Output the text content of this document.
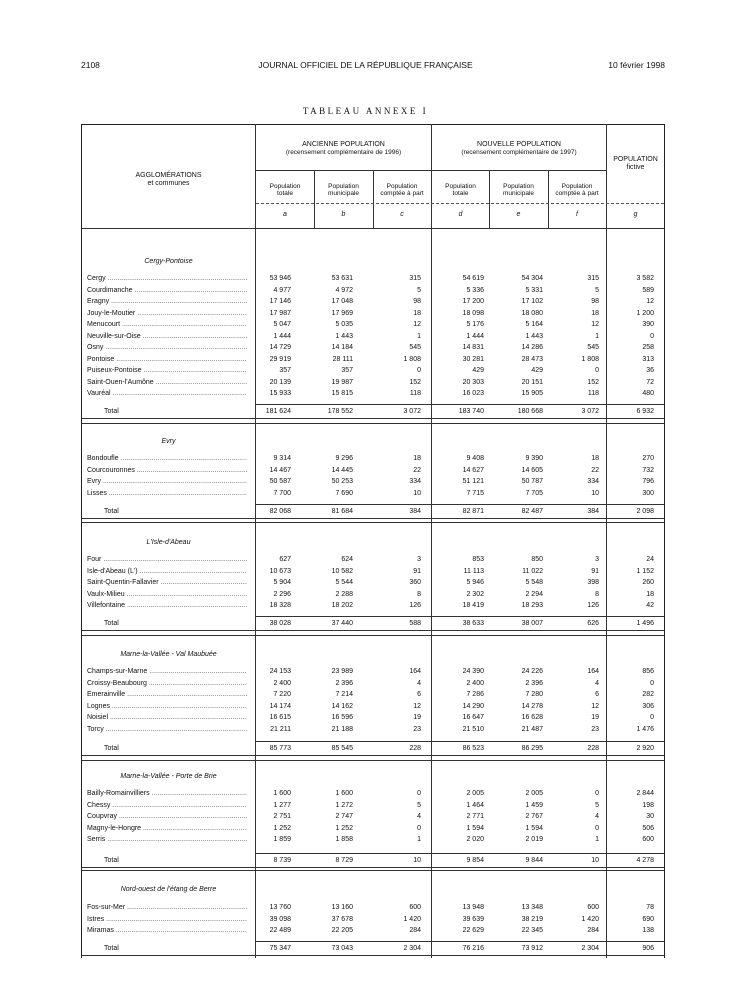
2108	JOURNAL OFFICIEL DE LA RÉPUBLIQUE FRANÇAISE	10 février 1998
TABLEAU ANNEXE I
AGGLOMÉRATIONS
et communes
ANCIENNE POPULATION
(recensement complémentaire de 1996)
NOUVELLE POPULATION
(recensement complémentaire de 1997)
POPULATION
fictive
Population
totale
Population
municipale
Population
comptée à part
Population
totale
Population
municipale
Population
comptée à part
a	b	c	d	e	f	g
Cergy-Pontoise
Cergy .....	53 946	53 631	315	54 619	54 304	315	3 582
Courdimanche .....	4 977	4 972	5	5 336	5 331	5	589
Eragny .....	17 146	17 048	98	17 200	17 102	98	12
Jouy-le-Moutier .....	17 987	17 969	18	18 098	18 080	18	1 200
Menucourt .....	5 047	5 035	12	5 176	5 164	12	390
Neuville-sur-Oise .....	1 444	1 443	1	1 444	1 443	1	0
Osny .....	14 729	14 184	545	14 831	14 286	545	258
Pontoise .....	29 919	28 111	1 808	30 281	28 473	1 808	313
Puiseux-Pontoise .....	357	357	0	429	429	0	36
Saint-Ouen-l'Aumône .....	20 139	19 987	152	20 303	20 151	152	72
Vauréal .....	15 933	15 815	118	16 023	15 905	118	480
Total	181 624	178 552	3 072	183 740	180 668	3 072	6 932
Evry
Bondoufle .....	9 314	9 296	18	9 408	9 390	18	270
Courcouronnes .....	14 467	14 445	22	14 627	14 605	22	732
Evry .....	50 587	50 253	334	51 121	50 787	334	796
Lisses .....	7 700	7 690	10	7 715	7 705	10	300
Total	82 068	81 684	384	82 871	82 487	384	2 098
L'Isle-d'Abeau
Four .....	627	624	3	853	850	3	24
Isle-d'Abeau (L') .....	10 673	10 582	91	11 113	11 022	91	1 152
Saint-Quentin-Fallavier .....	5 904	5 544	360	5 946	5 548	398	260
Vaulx-Milieu .....	2 296	2 288	8	2 302	2 294	8	18
Villefontaine .....	18 328	18 202	126	18 419	18 293	126	42
Total	38 028	37 440	588	38 633	38 007	626	1 496
Marne-la-Vallée - Val Maubuée
Champs-sur-Marne .....	24 153	23 989	164	24 390	24 226	164	856
Croissy-Beaubourg .....	2 400	2 396	4	2 400	2 396	4	0
Emerainville .....	7 220	7 214	6	7 286	7 280	6	282
Lognes .....	14 174	14 162	12	14 290	14 278	12	306
Noisiel .....	16 615	16 596	19	16 647	16 628	19	0
Torcy .....	21 211	21 188	23	21 510	21 487	23	1 476
Total	85 773	85 545	228	86 523	86 295	228	2 920
Marne-la-Vallée - Porte de Brie
Bailly-Romainvilliers .....	1 600	1 600	0	2 005	2 005	0	2 844
Chessy .....	1 277	1 272	5	1 464	1 459	5	198
Coupvray .....	2 751	2 747	4	2 771	2 767	4	30
Magny-le-Hongre .....	1 252	1 252	0	1 594	1 594	0	506
Serris .....	1 859	1 858	1	2 020	2 019	1	600
Total	8 739	8 729	10	9 854	9 844	10	4 278
Nord-ouest de l'étang de Berre
Fos-sur-Mer .....	13 760	13 160	600	13 948	13 348	600	78
Istres .....	39 098	37 678	1 420	39 639	38 219	1 420	690
Miramas .....	22 489	22 205	284	22 629	22 345	284	138
Total	75 347	73 043	2 304	76 216	73 912	2 304	906
